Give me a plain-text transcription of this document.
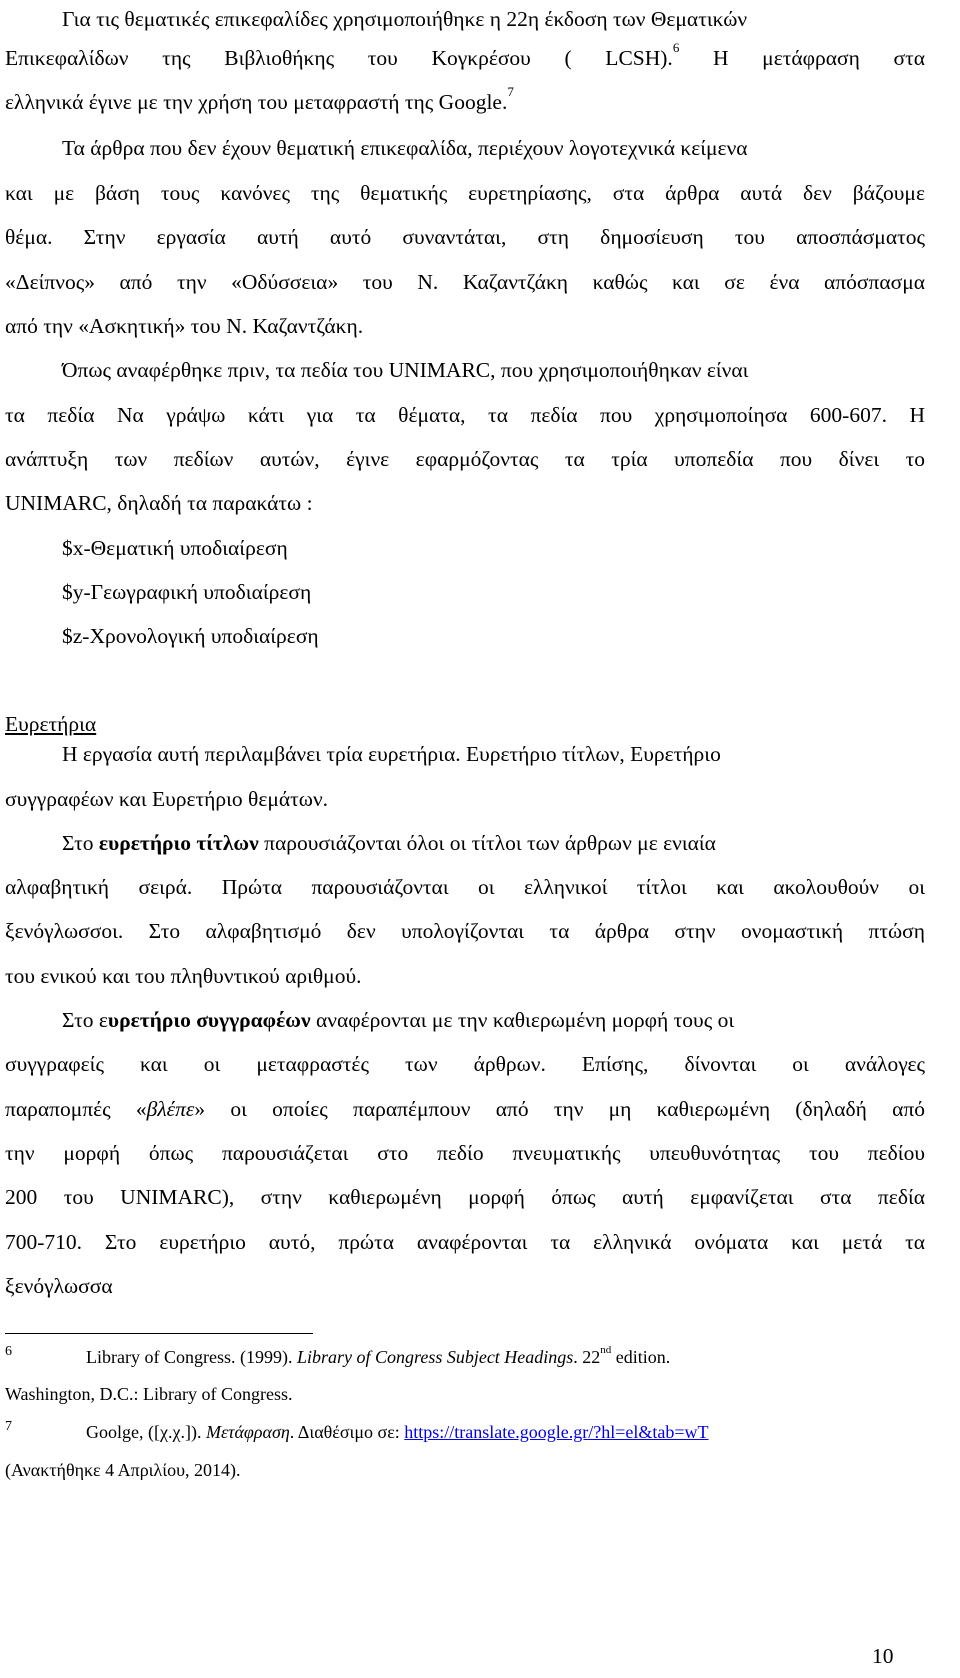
Για τις θεματικές επικεφαλίδες χρησιμοποιήθηκε η 22η έκδοση των Θεματικών
Επικεφαλίδων της Βιβλιοθήκης του Κογκρέσου ( LCSH).$^6$ Η μετάφραση στα
ελληνικά έγινε με την χρήση του μεταφραστή της Google.$^7$
Τα άρθρα που δεν έχουν θεματική επικεφαλίδα, περιέχουν λογοτεχνικά κείμενα
και με βάση τους κανόνες της θεματικής ευρετηρίασης, στα άρθρα αυτά δεν βάζουμε
θέμα. Στην εργασία αυτή αυτό συναντάται, στη δημοσίευση του αποσπάσματος
«Δείπνος» από την «Οδύσσεια» του Ν. Καζαντζάκη καθώς και σε ένα απόσπασμα
από την «Ασκητική» του Ν. Καζαντζάκη.
Όπως αναφέρθηκε πριν, τα πεδία του UNIMARC, που χρησιμοποιήθηκαν είναι
τα πεδία Να γράψω κάτι για τα θέματα, τα πεδία που χρησιμοποίησα 600-607. Η
ανάπτυξη των πεδίων αυτών, έγινε εφαρμόζοντας τα τρία υποπεδία που δίνει το
UNIMARC, δηλαδή τα παρακάτω :
$x-Θεματική υποδιαίρεση
$y-Γεωγραφική υποδιαίρεση
$z-Χρονολογική υποδιαίρεση
Ευρετήρια
Η εργασία αυτή περιλαμβάνει τρία ευρετήρια. Ευρετήριο τίτλων, Ευρετήριο
συγγραφέων και Ευρετήριο θεμάτων.
Στο ευρετήριο τίτλων παρουσιάζονται όλοι οι τίτλοι των άρθρων με ενιαία
αλφαβητική σειρά. Πρώτα παρουσιάζονται οι ελληνικοί τίτλοι και ακολουθούν οι
ξενόγλωσσοι. Στο αλφαβητισμό δεν υπολογίζονται τα άρθρα στην ονομαστική πτώση
του ενικού και του πληθυντικού αριθμού.
Στο ευρετήριο συγγραφέων αναφέρονται με την καθιερωμένη μορφή τους οι
συγγραφείς και οι μεταφραστές των άρθρων. Επίσης, δίνονται οι ανάλογες
παραπομπές «βλέπε» οι οποίες παραπέμπουν από την μη καθιερωμένη (δηλαδή από
την μορφή όπως παρουσιάζεται στο πεδίο πνευματικής υπευθυνότητας του πεδίου
200 του UNIMARC), στην καθιερωμένη μορφή όπως αυτή εμφανίζεται στα πεδία
700-710. Στο ευρετήριο αυτό, πρώτα αναφέρονται τα ελληνικά ονόματα και μετά τα
ξενόγλωσσα
6	Library of Congress. (1999). Library of Congress Subject Headings. 22nd edition.
Washington, D.C.: Library of Congress.
7	Goolge, ([χ.χ.]). Μετάφραση. Διαθέσιμο σε: https://translate.google.gr/?hl=el&tab=wT
(Ανακτήθηκε 4 Απριλίου, 2014).
10
